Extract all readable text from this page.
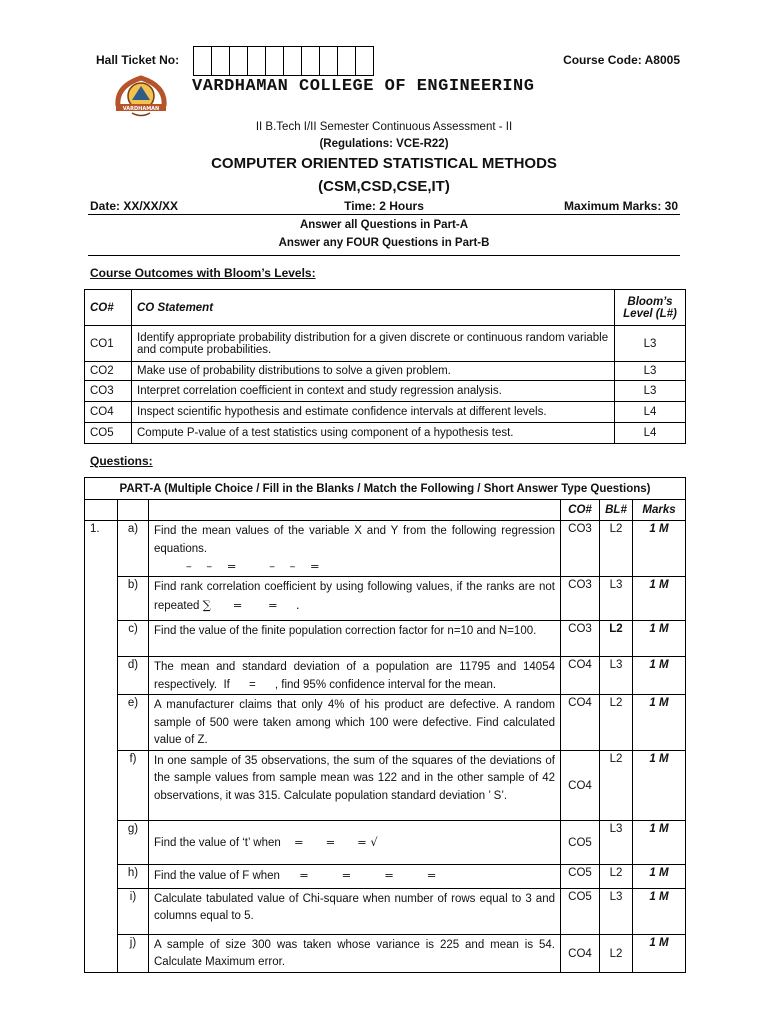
Hall Ticket No:	Course Code: A8005
VARDHAMAN
VARDHAMAN COLLEGE OF ENGINEERING
II B.Tech I/II Semester Continuous Assessment - II
(Regulations: VCE-R22)
COMPUTER ORIENTED STATISTICAL METHODS
(CSM,CSD,CSE,IT)
Date: XX/XX/XX	Time: 2 Hours	Maximum Marks: 30
Answer all Questions in Part-A
Answer any FOUR Questions in Part-B
Course Outcomes with Bloom’s Levels:
CO#	CO Statement	Bloom’s
Level (L#)

CO1	Identify appropriate probability distribution for a given discrete or continuous random variable and compute probabilities.	L3
CO2	Make use of probability distributions to solve a given problem.	L3
CO3	Interpret correlation coefficient in context and study regression analysis.	L3
CO4	Inspect scientific hypothesis and estimate confidence intervals at different levels.	L4
CO5	Compute P-value of a test statistics using component of a hypothesis test.	L4
Questions:
PART-A (Multiple Choice / Fill in the Blanks / Match the Following / Short Answer Type Questions)					
			CO#	BL#	Marks
1.	a)	Find the mean values of the variable X and Y from the following regression equations.
–    –    =         –    –    =	CO3	L2	1 M
	b)	Find rank correlation coefficient by using following values, if the ranks are not repeated ∑      =       =     .	CO3	L3	1 M
	c)	Find the value of the finite population correction factor for n=10 and N=100.	CO3	L2	1 M
	d)	The mean and standard deviation of a population are 11795 and 14054 respectively.  If      =      , find 95% confidence interval for the mean.	CO4	L3	1 M
	e)	A manufacturer claims that only 4% of his product are defective. A random sample of 500 were taken among which 100 were defective. Find calculated value of Z.	CO4	L2	1 M
	f)	In one sample of 35 observations, the sum of the squares of the deviations of the sample values from sample mean was 122 and in the other sample of 42 observations, it was 315. Calculate population standard deviation ’ S’.	CO4	L2	1 M
	g)	Find the value of ‘t’ when =      =      = √	CO5	L3	1 M
	h)	Find the value of F when =         =         =         =	CO5	L2	1 M
	i)	Calculate tabulated value of Chi-square when number of rows equal to 3 and columns equal to 5.	CO5	L3	1 M
	j)	A sample of size 300 was taken whose variance is 225 and mean is 54. Calculate Maximum error.	CO4	L2	1 M
